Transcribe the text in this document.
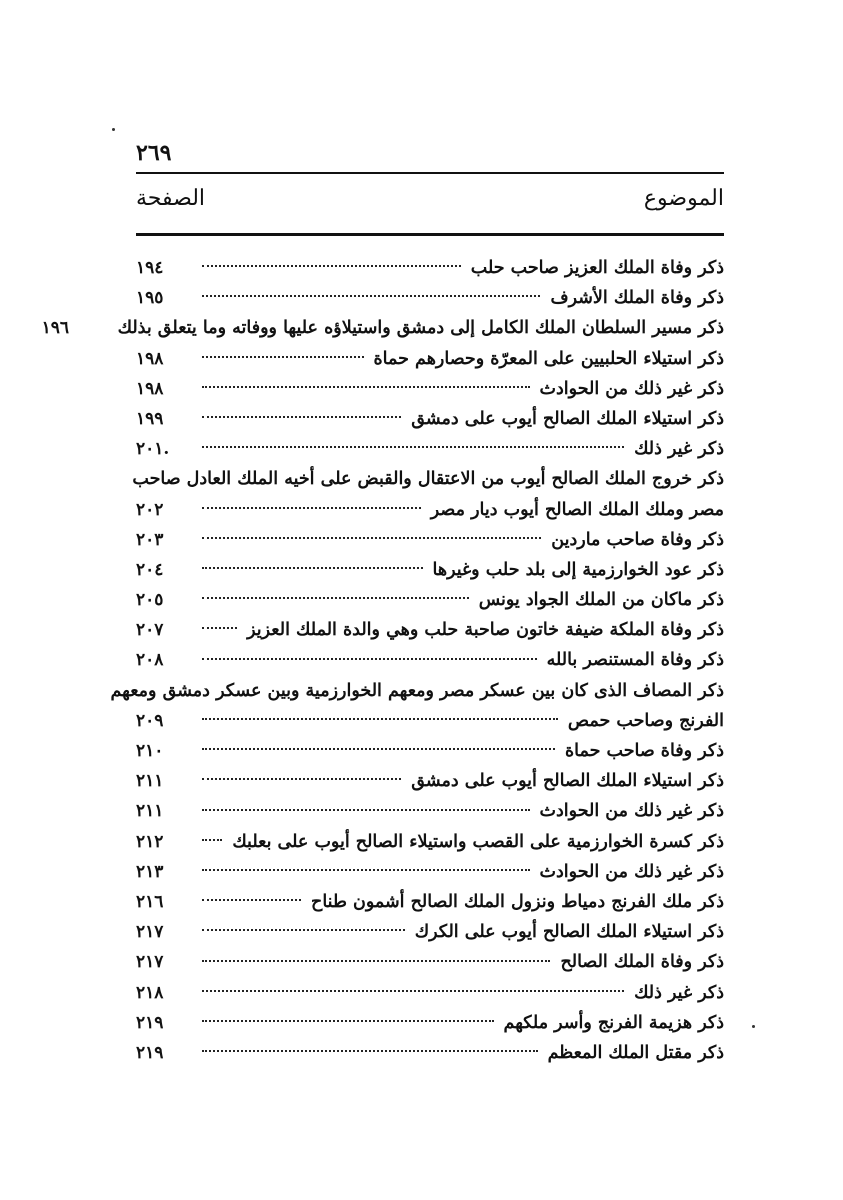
٢٦٩
الموضوع
الصفحة
ذكر وفاة الملك العزيز صاحب حلب
١٩٤
ذكر وفاة الملك الأشرف
١٩٥
ذكر مسير السلطان الملك الكامل إلى دمشق واستيلاؤه عليها ووفاته وما يتعلق بذلك
١٩٦
ذكر استيلاء الحلبيين على المعرّة وحصارهم حماة
١٩٨
ذكر غير ذلك من الحوادث
١٩٨
ذكر استيلاء الملك الصالح أيوب على دمشق
١٩٩
ذكر غير ذلك
.٢٠١
ذكر خروج الملك الصالح أيوب من الاعتقال والقبض على أخيه الملك العادل صاحب
مصر وملك الملك الصالح أيوب ديار مصر
٢٠٢
ذكر وفاة صاحب ماردين
٢٠٣
ذكر عود الخوارزمية إلى بلد حلب وغيرها
٢٠٤
ذكر ماكان من الملك الجواد يونس
٢٠٥
ذكر وفاة الملكة ضيفة خاتون صاحبة حلب وهي والدة الملك العزيز
٢٠٧
ذكر وفاة المستنصر بالله
٢٠٨
ذكر المصاف الذى كان بين عسكر مصر ومعهم الخوارزمية وبين عسكر دمشق ومعهم
الفرنج وصاحب حمص
٢٠٩
ذكر وفاة صاحب حماة
٢١٠
ذكر استيلاء الملك الصالح أيوب على دمشق
٢١١
ذكر غير ذلك من الحوادث
٢١١
ذكر كسرة الخوارزمية على القصب واستيلاء الصالح أيوب على بعلبك
٢١٢
ذكر غير ذلك من الحوادث
٢١٣
ذكر ملك الفرنج دمياط ونزول الملك الصالح أشمون طناح
٢١٦
ذكر استيلاء الملك الصالح أيوب على الكرك
٢١٧
ذكر وفاة الملك الصالح
٢١٧
ذكر غير ذلك
٢١٨
ذكر هزيمة الفرنج وأسر ملكهم
٢١٩
ذكر مقتل الملك المعظم
٢١٩
